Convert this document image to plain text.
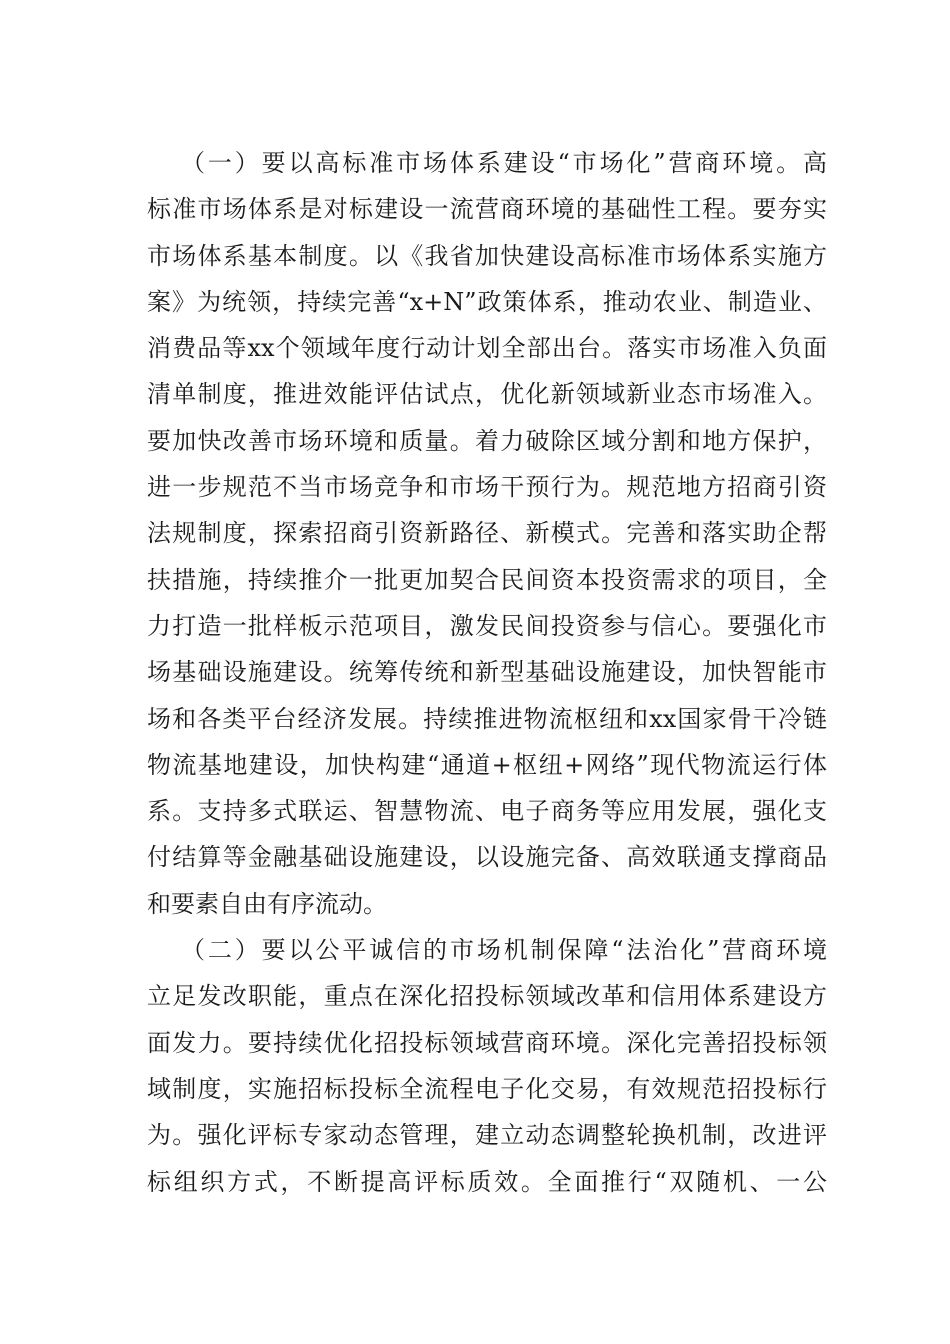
（一）要以高标准市场体系建设“市场化”营商环境。高
标准市场体系是对标建设一流营商环境的基础性工程。要夯实
市场体系基本制度。以《我省加快建设高标准市场体系实施方
案》为统领，持续完善“x+N”政策体系，推动农业、制造业、
消费品等xx个领域年度行动计划全部出台。落实市场准入负面
清单制度，推进效能评估试点，优化新领域新业态市场准入。
要加快改善市场环境和质量。着力破除区域分割和地方保护，
进一步规范不当市场竞争和市场干预行为。规范地方招商引资
法规制度，探索招商引资新路径、新模式。完善和落实助企帮
扶措施，持续推介一批更加契合民间资本投资需求的项目，全
力打造一批样板示范项目，激发民间投资参与信心。要强化市
场基础设施建设。统筹传统和新型基础设施建设，加快智能市
场和各类平台经济发展。持续推进物流枢纽和xx国家骨干冷链
物流基地建设，加快构建“通道+枢纽+网络”现代物流运行体
系。支持多式联运、智慧物流、电子商务等应用发展，强化支
付结算等金融基础设施建设，以设施完备、高效联通支撑商品
和要素自由有序流动。
（二）要以公平诚信的市场机制保障“法治化”营商环境
立足发改职能，重点在深化招投标领域改革和信用体系建设方
面发力。要持续优化招投标领域营商环境。深化完善招投标领
域制度，实施招标投标全流程电子化交易，有效规范招投标行
为。强化评标专家动态管理，建立动态调整轮换机制，改进评
标组织方式，不断提高评标质效。全面推行“双随机、一公
